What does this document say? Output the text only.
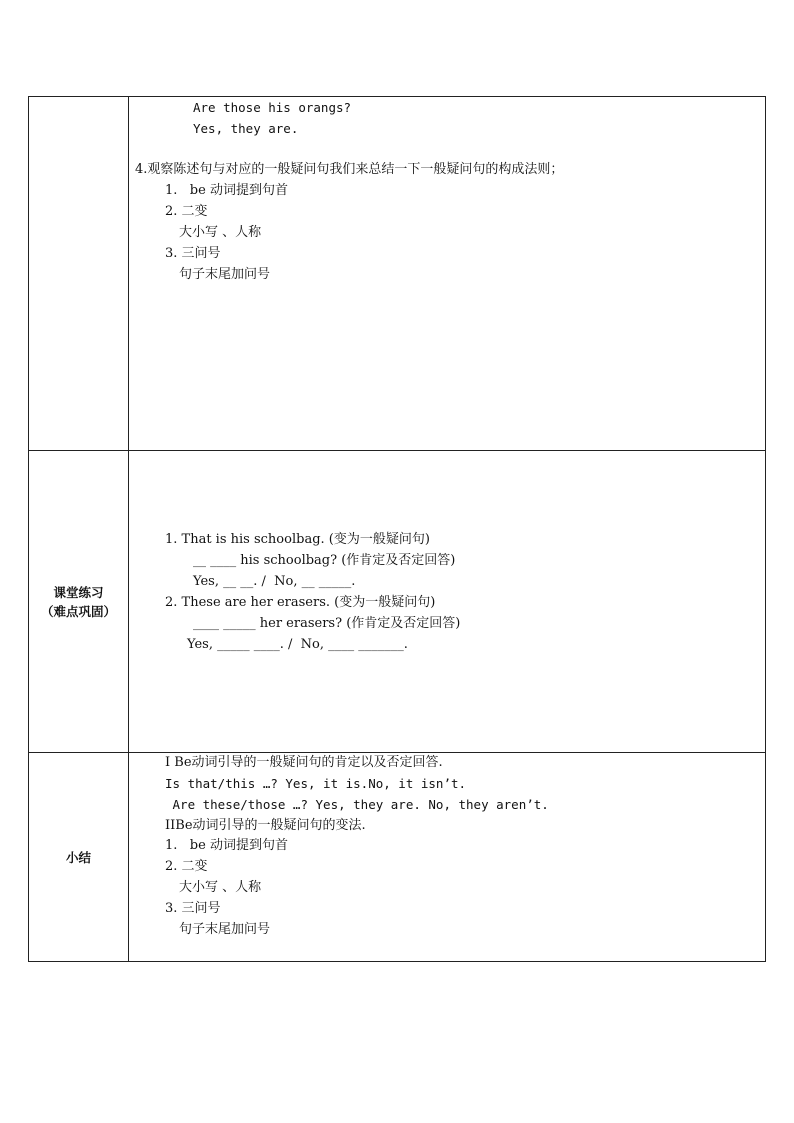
Are those his orangs?
Yes, they are.
4.观察陈述句与对应的一般疑问句我们来总结一下一般疑问句的构成法则；
1.   be 动词提到句首
2. 二变
大小写 、人称
3. 三问号
句子末尾加问号
课堂练习
（难点巩固）
1. That is his schoolbag. (变为一般疑问句)
__ ____ his schoolbag? (作肯定及否定回答)
Yes, __ __. /  No, __ _____.
2. These are her erasers. (变为一般疑问句)
____ _____ her erasers? (作肯定及否定回答)
Yes, _____ ____. /  No, ____ _______.
小结
I Be动词引导的一般疑问句的肯定以及否定回答.
Is that/this …? Yes, it is.No, it isn’t.
Are these/those …? Yes, they are. No, they aren’t.
IIBe动词引导的一般疑问句的变法.
1.   be 动词提到句首
2. 二变
大小写 、人称
3. 三问号
句子末尾加问号
